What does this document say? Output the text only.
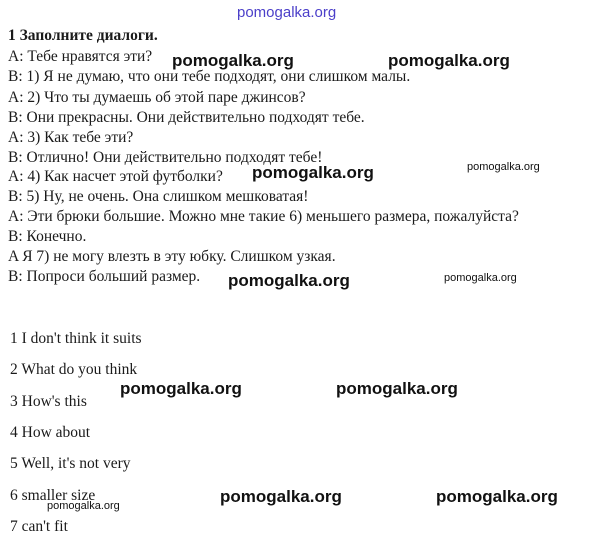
pomogalka.org
1 Заполните диалоги.
A: Тебе нравятся эти?
B: 1) Я не думаю, что они тебе подходят, они слишком малы.
A: 2) Что ты думаешь об этой паре джинсов?
B: Они прекрасны. Они действительно подходят тебе.
A: 3) Как тебе эти?
B: Отлично! Они действительно подходят тебе!
A: 4) Как насчет этой футболки?
B: 5) Ну, не очень. Она слишком мешковатая!
A: Эти брюки большие. Можно мне такие 6) меньшего размера, пожалуйста?
B: Конечно.
A Я 7) не могу влезть в эту юбку. Слишком узкая.
B: Попроси больший размер.
1 I don't think it suits
2 What do you think
3 How's this
4 How about
5 Well, it's not very
6 smaller size
7 can't fit
pomogalka.org	pomogalka.org
pomogalka.org
pomogalka.org
pomogalka.org	pomogalka.org
pomogalka.org	pomogalka.org
pomogalka.org	pomogalka.org
pomogalka.org
